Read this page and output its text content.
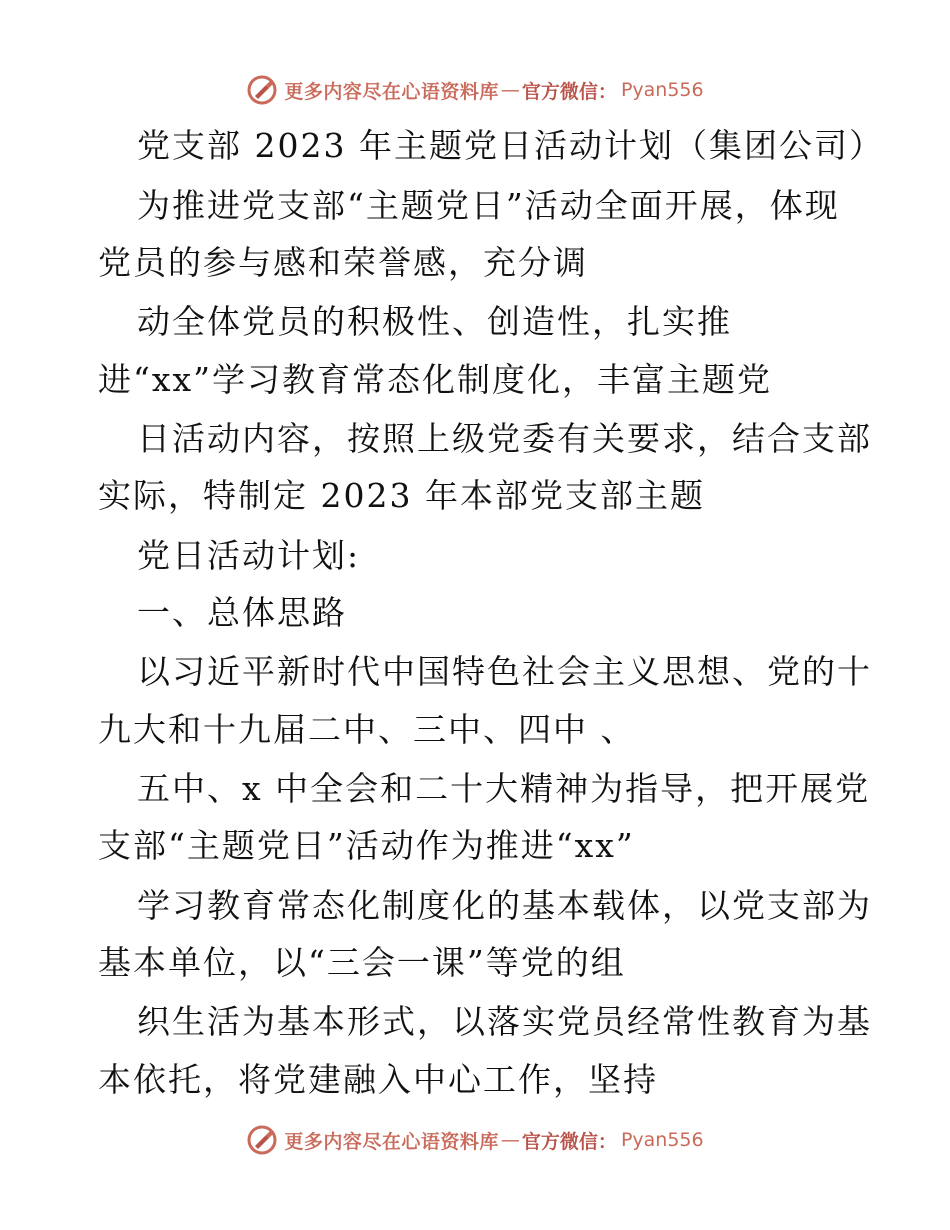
更多内容尽在心语资料库 — 官方微信： Pyan556
党支部 2023 年主题党日活动计划（集团公司）
为推进党支部“主题党日”活动全面开展，体现
党员的参与感和荣誉感，充分调
动全体党员的积极性、创造性，扎实推
进“xx”学习教育常态化制度化，丰富主题党
日活动内容，按照上级党委有关要求，结合支部
实际，特制定 2023 年本部党支部主题
党日活动计划:
一、总体思路
以习近平新时代中国特色社会主义思想、党的十
九大和十九届二中、三中、四中 、
五中、x 中全会和二十大精神为指导，把开展党
支部“主题党日”活动作为推进“xx”
学习教育常态化制度化的基本载体，以党支部为
基本单位，以“三会一课”等党的组
织生活为基本形式，以落实党员经常性教育为基
本依托，将党建融入中心工作，坚持
更多内容尽在心语资料库 — 官方微信： Pyan556
